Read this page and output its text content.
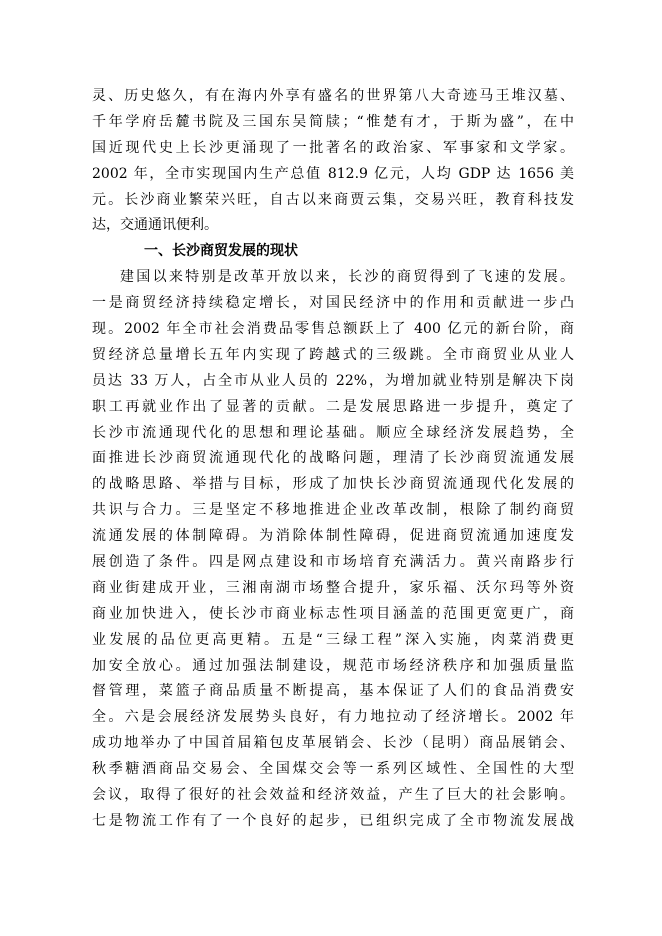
灵、历史悠久，有在海内外享有盛名的世界第八大奇迹马王堆汉墓、
千年学府岳麓书院及三国东吴简牍；“惟楚有才，于斯为盛”，在中
国近现代史上长沙更涌现了一批著名的政治家、军事家和文学家。
2002 年，全市实现国内生产总值 812.9 亿元，人均 GDP 达 1656 美
元。长沙商业繁荣兴旺，自古以来商贾云集，交易兴旺，教育科技发
达，交通通讯便利。
一、长沙商贸发展的现状
建国以来特别是改革开放以来，长沙的商贸得到了飞速的发展。
一是商贸经济持续稳定增长，对国民经济中的作用和贡献进一步凸
现。2002 年全市社会消费品零售总额跃上了 400 亿元的新台阶，商
贸经济总量增长五年内实现了跨越式的三级跳。全市商贸业从业人
员达 33 万人，占全市从业人员的 22%，为增加就业特别是解决下岗
职工再就业作出了显著的贡献。二是发展思路进一步提升，奠定了
长沙市流通现代化的思想和理论基础。顺应全球经济发展趋势，全
面推进长沙商贸流通现代化的战略问题，理清了长沙商贸流通发展
的战略思路、举措与目标，形成了加快长沙商贸流通现代化发展的
共识与合力。三是坚定不移地推进企业改革改制，根除了制约商贸
流通发展的体制障碍。为消除体制性障碍，促进商贸流通加速度发
展创造了条件。四是网点建设和市场培育充满活力。黄兴南路步行
商业街建成开业，三湘南湖市场整合提升，家乐福、沃尔玛等外资
商业加快进入，使长沙市商业标志性项目涵盖的范围更宽更广，商
业发展的品位更高更精。五是“三绿工程”深入实施，肉菜消费更
加安全放心。通过加强法制建设，规范市场经济秩序和加强质量监
督管理，菜篮子商品质量不断提高，基本保证了人们的食品消费安
全。六是会展经济发展势头良好，有力地拉动了经济增长。2002 年
成功地举办了中国首届箱包皮革展销会、长沙（昆明）商品展销会、
秋季糖酒商品交易会、全国煤交会等一系列区域性、全国性的大型
会议，取得了很好的社会效益和经济效益，产生了巨大的社会影响。
七是物流工作有了一个良好的起步，已组织完成了全市物流发展战
